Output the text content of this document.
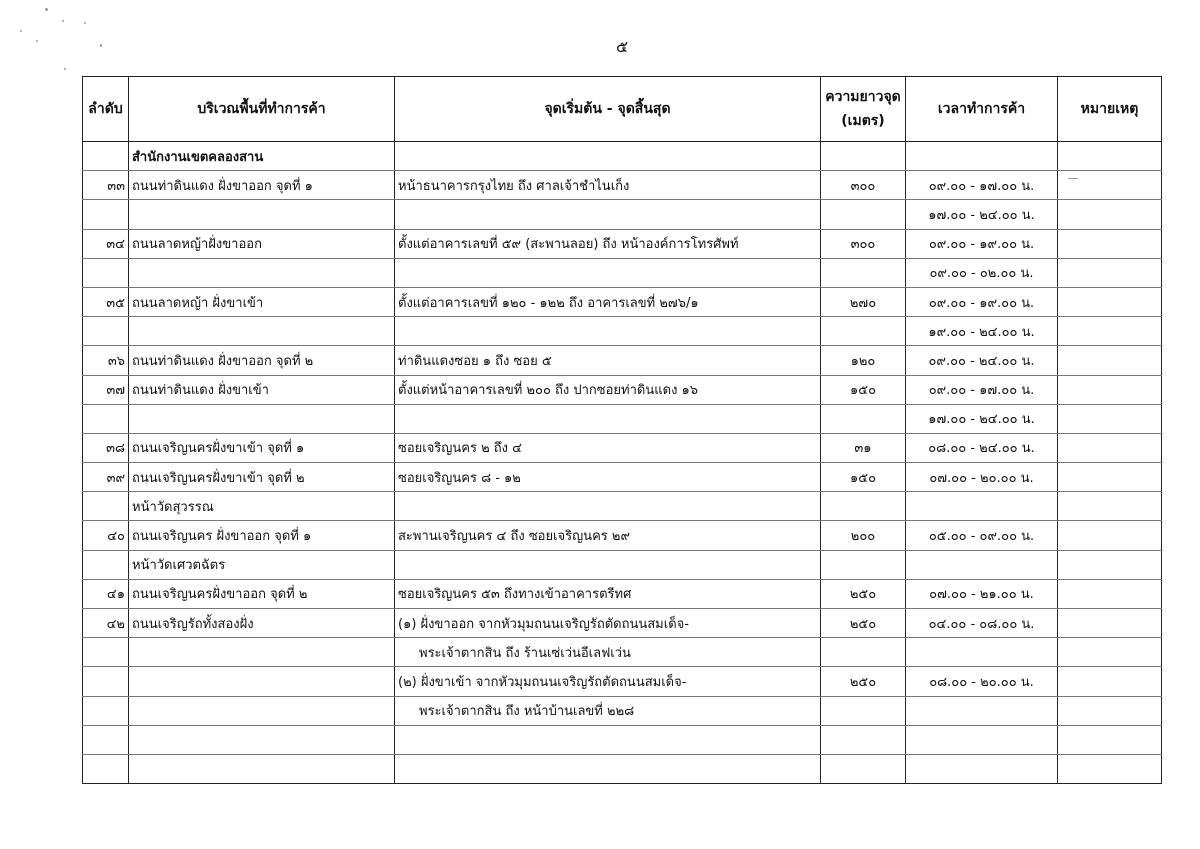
๕
ลำดับ	บริเวณพื้นที่ทำการค้า	จุดเริ่มต้น - จุดสิ้นสุด	ความยาวจุด
(เมตร)	เวลาทำการค้า	หมายเหตุ
	สำนักงานเขตคลองสาน				
๓๓	ถนนท่าดินแดง ฝั่งขาออก จุดที่ ๑	หน้าธนาคารกรุงไทย ถึง ศาลเจ้าชำไนเก็ง	๓๐๐	๐๙.๐๐ - ๑๗.๐๐ น.	
				๑๗.๐๐ - ๒๔.๐๐ น.	
๓๔	ถนนลาดหญ้าฝั่งขาออก	ตั้งแต่อาคารเลขที่ ๕๙ (สะพานลอย) ถึง หน้าองค์การโทรศัพท์	๓๐๐	๐๙.๐๐ - ๑๙.๐๐ น.	
				๐๙.๐๐ - ๐๒.๐๐ น.	
๓๕	ถนนลาดหญ้า ฝั่งขาเข้า	ตั้งแต่อาคารเลขที่ ๑๒๐ - ๑๒๒ ถึง อาคารเลขที่ ๒๗๖/๑	๒๗๐	๐๙.๐๐ - ๑๙.๐๐ น.	
				๑๙.๐๐ - ๒๔.๐๐ น.	
๓๖	ถนนท่าดินแดง ฝั่งขาออก จุดที่ ๒	ท่าดินแดงซอย ๑ ถึง ซอย ๕	๑๒๐	๐๙.๐๐ - ๒๔.๐๐ น.	
๓๗	ถนนท่าดินแดง ฝั่งขาเข้า	ตั้งแต่หน้าอาคารเลขที่ ๒๐๐ ถึง ปากซอยท่าดินแดง ๑๖	๑๕๐	๐๙.๐๐ - ๑๗.๐๐ น.	
				๑๗.๐๐ - ๒๔.๐๐ น.	
๓๘	ถนนเจริญนครฝั่งขาเข้า จุดที่ ๑	ซอยเจริญนคร ๒ ถึง ๔	๓๑	๐๘.๐๐ - ๒๔.๐๐ น.	
๓๙	ถนนเจริญนครฝั่งขาเข้า จุดที่ ๒	ซอยเจริญนคร ๘ - ๑๒	๑๕๐	๐๗.๐๐ - ๒๐.๐๐ น.	
	หน้าวัดสุวรรณ				
๔๐	ถนนเจริญนคร ฝั่งขาออก จุดที่ ๑	สะพานเจริญนคร ๔ ถึง ซอยเจริญนคร ๒๙	๒๐๐	๐๕.๐๐ - ๐๙.๐๐ น.	
	หน้าวัดเศวตฉัตร				
๔๑	ถนนเจริญนครฝั่งขาออก จุดที่ ๒	ซอยเจริญนคร ๕๓ ถึงทางเข้าอาคารตรีทศ	๒๕๐	๐๗.๐๐ - ๒๑.๐๐ น.	
๔๒	ถนนเจริญรัถทั้งสองฝั่ง	(๑) ฝั่งขาออก จากหัวมุมถนนเจริญรัถตัดถนนสมเด็จ-	๒๕๐	๐๔.๐๐ - ๐๘.๐๐ น.	
		พระเจ้าตากสิน ถึง ร้านเซ่เว่นอีเลฟเว่น			
		(๒) ฝั่งขาเข้า จากหัวมุมถนนเจริญรัถตัดถนนสมเด็จ-	๒๕๐	๐๘.๐๐ - ๒๐.๐๐ น.	
		พระเจ้าตากสิน ถึง หน้าบ้านเลขที่ ๒๒๘			
